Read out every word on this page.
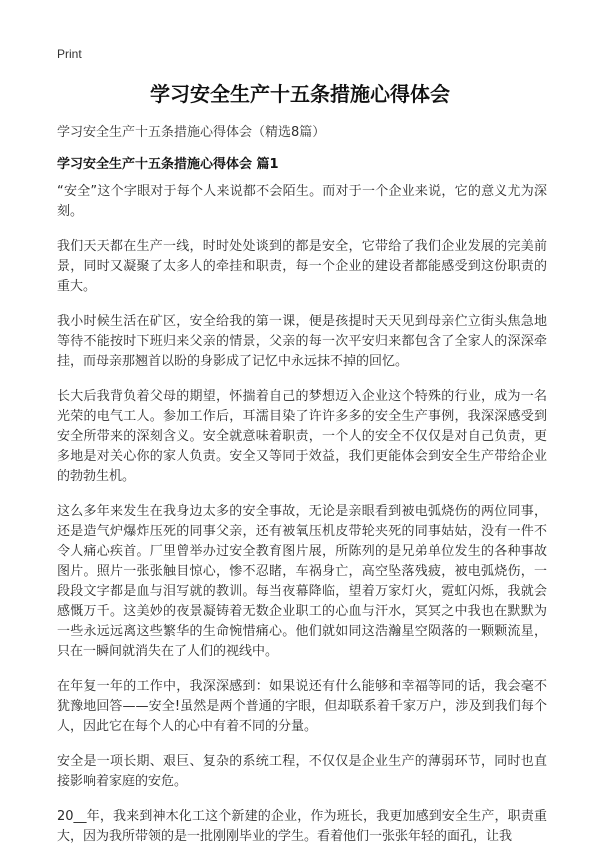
Print
学习安全生产十五条措施心得体会
学习安全生产十五条措施心得体会（精选8篇）
学习安全生产十五条措施心得体会 篇1

“安全”这个字眼对于每个人来说都不会陌生。而对于一个企业来说，它的意义尤为深刻。

我们天天都在生产一线，时时处处谈到的都是安全，它带给了我们企业发展的完美前景，同时又凝聚了太多人的牵挂和职责，每一个企业的建设者都能感受到这份职责的重大。

我小时候生活在矿区，安全给我的第一课，便是孩提时天天见到母亲伫立街头焦急地等待不能按时下班归来父亲的情景，父亲的每一次平安归来都包含了全家人的深深牵挂，而母亲那翘首以盼的身影成了记忆中永远抹不掉的回忆。

长大后我背负着父母的期望，怀揣着自己的梦想迈入企业这个特殊的行业，成为一名光荣的电气工人。参加工作后，耳濡目染了许许多多的安全生产事例，我深深感受到安全所带来的深刻含义。安全就意味着职责，一个人的安全不仅仅是对自己负责，更多地是对关心你的家人负责。安全又等同于效益，我们更能体会到安全生产带给企业的勃勃生机。

这么多年来发生在我身边太多的安全事故，无论是亲眼看到被电弧烧伤的两位同事，还是造气炉爆炸压死的同事父亲，还有被氧压机皮带轮夹死的同事姑姑，没有一件不令人痛心疾首。厂里曾举办过安全教育图片展，所陈列的是兄弟单位发生的各种事故图片。照片一张张触目惊心，惨不忍睹，车祸身亡，高空坠落残疲，被电弧烧伤，一段段文字都是血与泪写就的教训。每当夜幕降临，望着万家灯火，霓虹闪烁，我就会感慨万千。这美妙的夜景凝铸着无数企业职工的心血与汗水，冥冥之中我也在默默为一些永远远离这些繁华的生命惋惜痛心。他们就如同这浩瀚星空陨落的一颗颗流星，只在一瞬间就消失在了人们的视线中。

在年复一年的工作中，我深深感到：如果说还有什么能够和幸福等同的话，我会毫不犹豫地回答——安全!虽然是两个普通的字眼，但却联系着千家万户，涉及到我们每个人，因此它在每个人的心中有着不同的分量。

安全是一项长期、艰巨、复杂的系统工程，不仅仅是企业生产的薄弱环节，同时也直接影响着家庭的安危。

20__年，我来到神木化工这个新建的企业，作为班长，我更加感到安全生产，职责重大，因为我所带领的是一批刚刚毕业的学生。看着他们一张张年轻的面孔，让我
